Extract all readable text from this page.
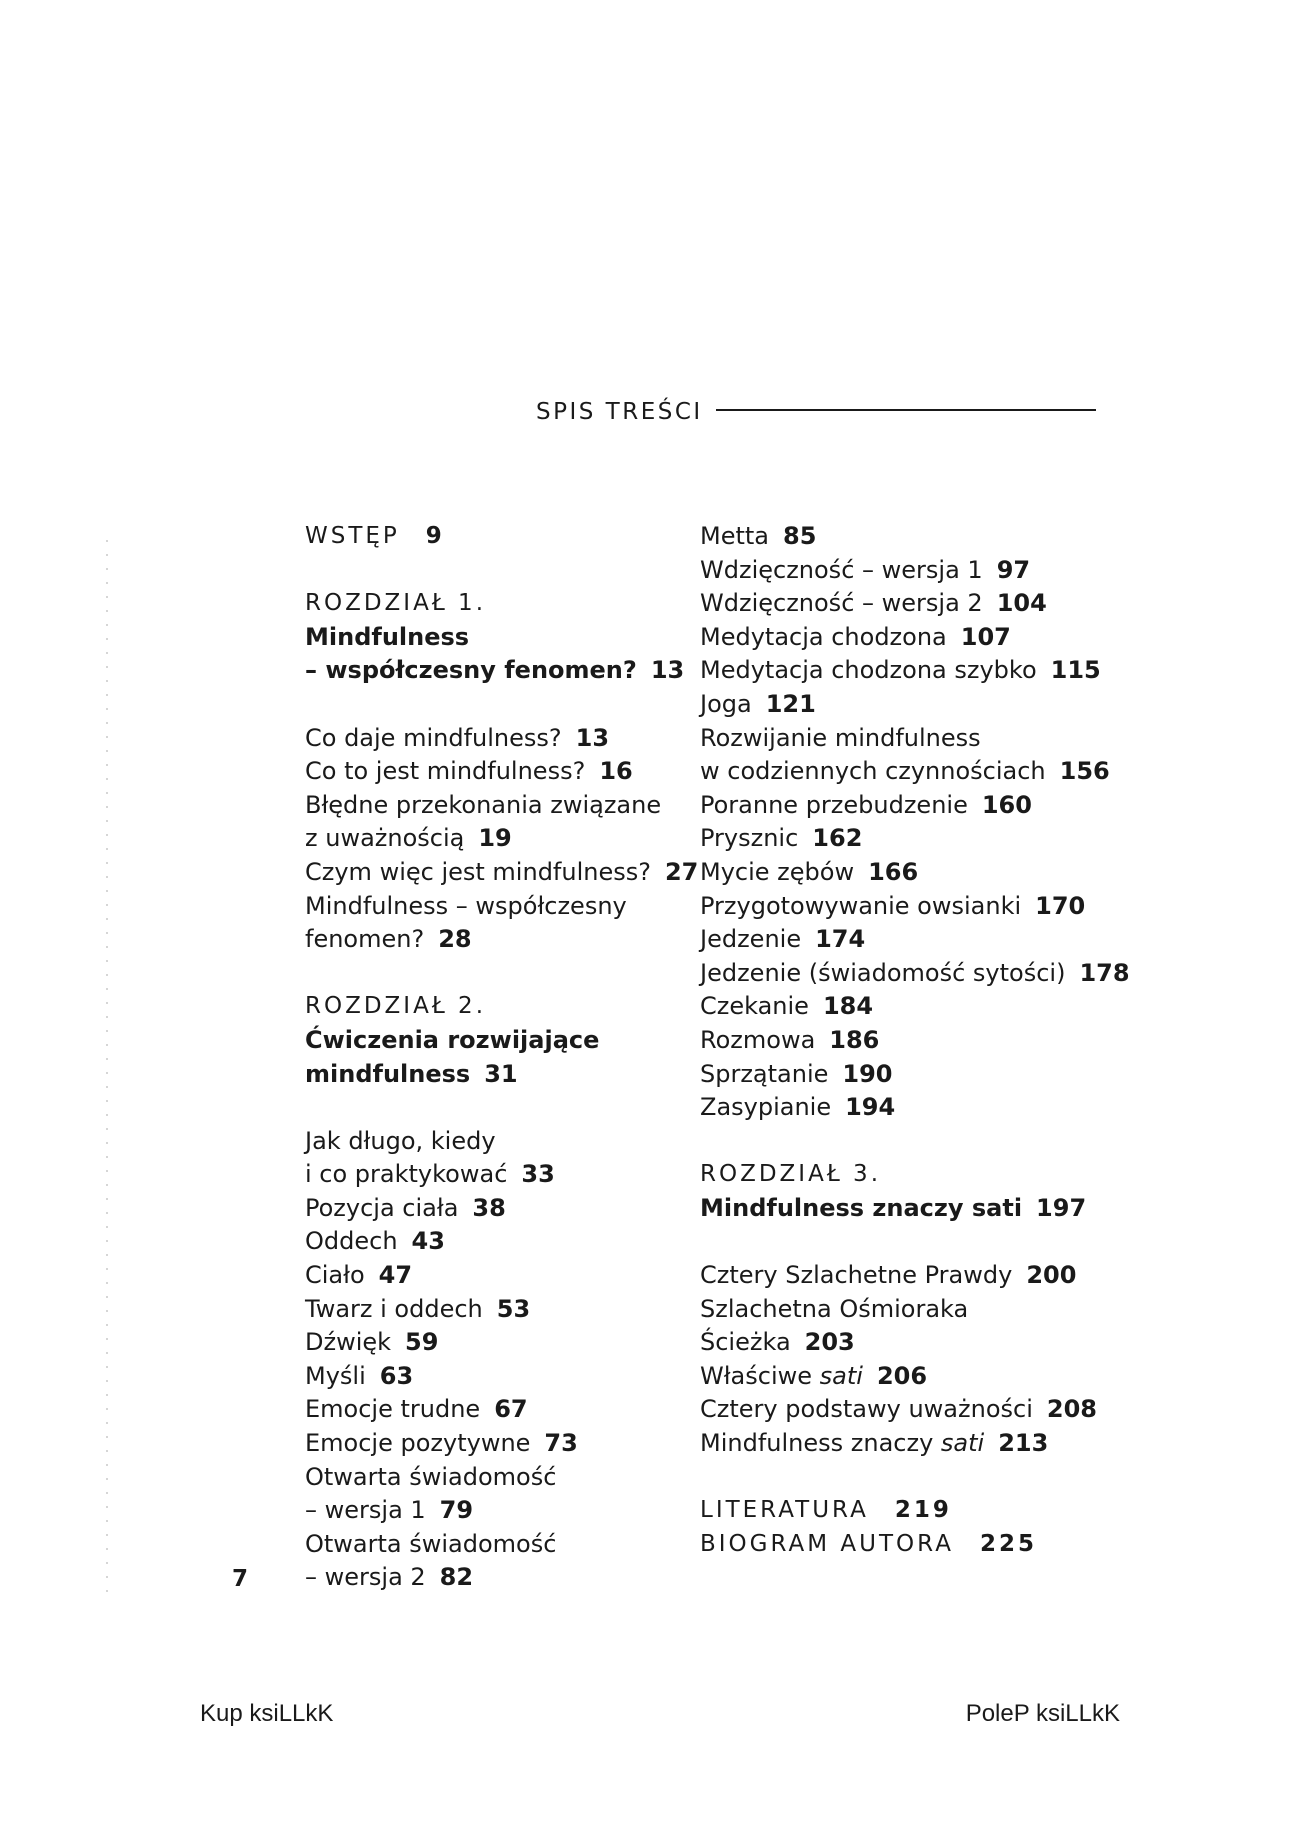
SPIS TREŚCI
WSTĘP 9
ROZDZIAŁ 1.
Mindfulness
– współczesny fenomen? 13
Co daje mindfulness? 13
Co to jest mindfulness? 16
Błędne przekonania związane
z uważnością 19
Czym więc jest mindfulness? 27
Mindfulness – współczesny
fenomen? 28
ROZDZIAŁ 2.
Ćwiczenia rozwijające
mindfulness 31
Jak długo, kiedy
i co praktykować 33
Pozycja ciała 38
Oddech 43
Ciało 47
Twarz i oddech 53
Dźwięk 59
Myśli 63
Emocje trudne 67
Emocje pozytywne 73
Otwarta świadomość
– wersja 1 79
Otwarta świadomość
– wersja 2 82
Metta 85
Wdzięczność – wersja 1 97
Wdzięczność – wersja 2 104
Medytacja chodzona 107
Medytacja chodzona szybko 115
Joga 121
Rozwijanie mindfulness
w codziennych czynnościach 156
Poranne przebudzenie 160
Prysznic 162
Mycie zębów 166
Przygotowywanie owsianki 170
Jedzenie 174
Jedzenie (świadomość sytości) 178
Czekanie 184
Rozmowa 186
Sprzątanie 190
Zasypianie 194
ROZDZIAŁ 3.
Mindfulness znaczy sati 197
Cztery Szlachetne Prawdy 200
Szlachetna Ośmioraka
Ścieżka 203
Właściwe sati 206
Cztery podstawy uważności 208
Mindfulness znaczy sati 213
LITERATURA 219
BIOGRAM AUTORA 225
7
Kup ksiLLkK	PoleP ksiLLkK
